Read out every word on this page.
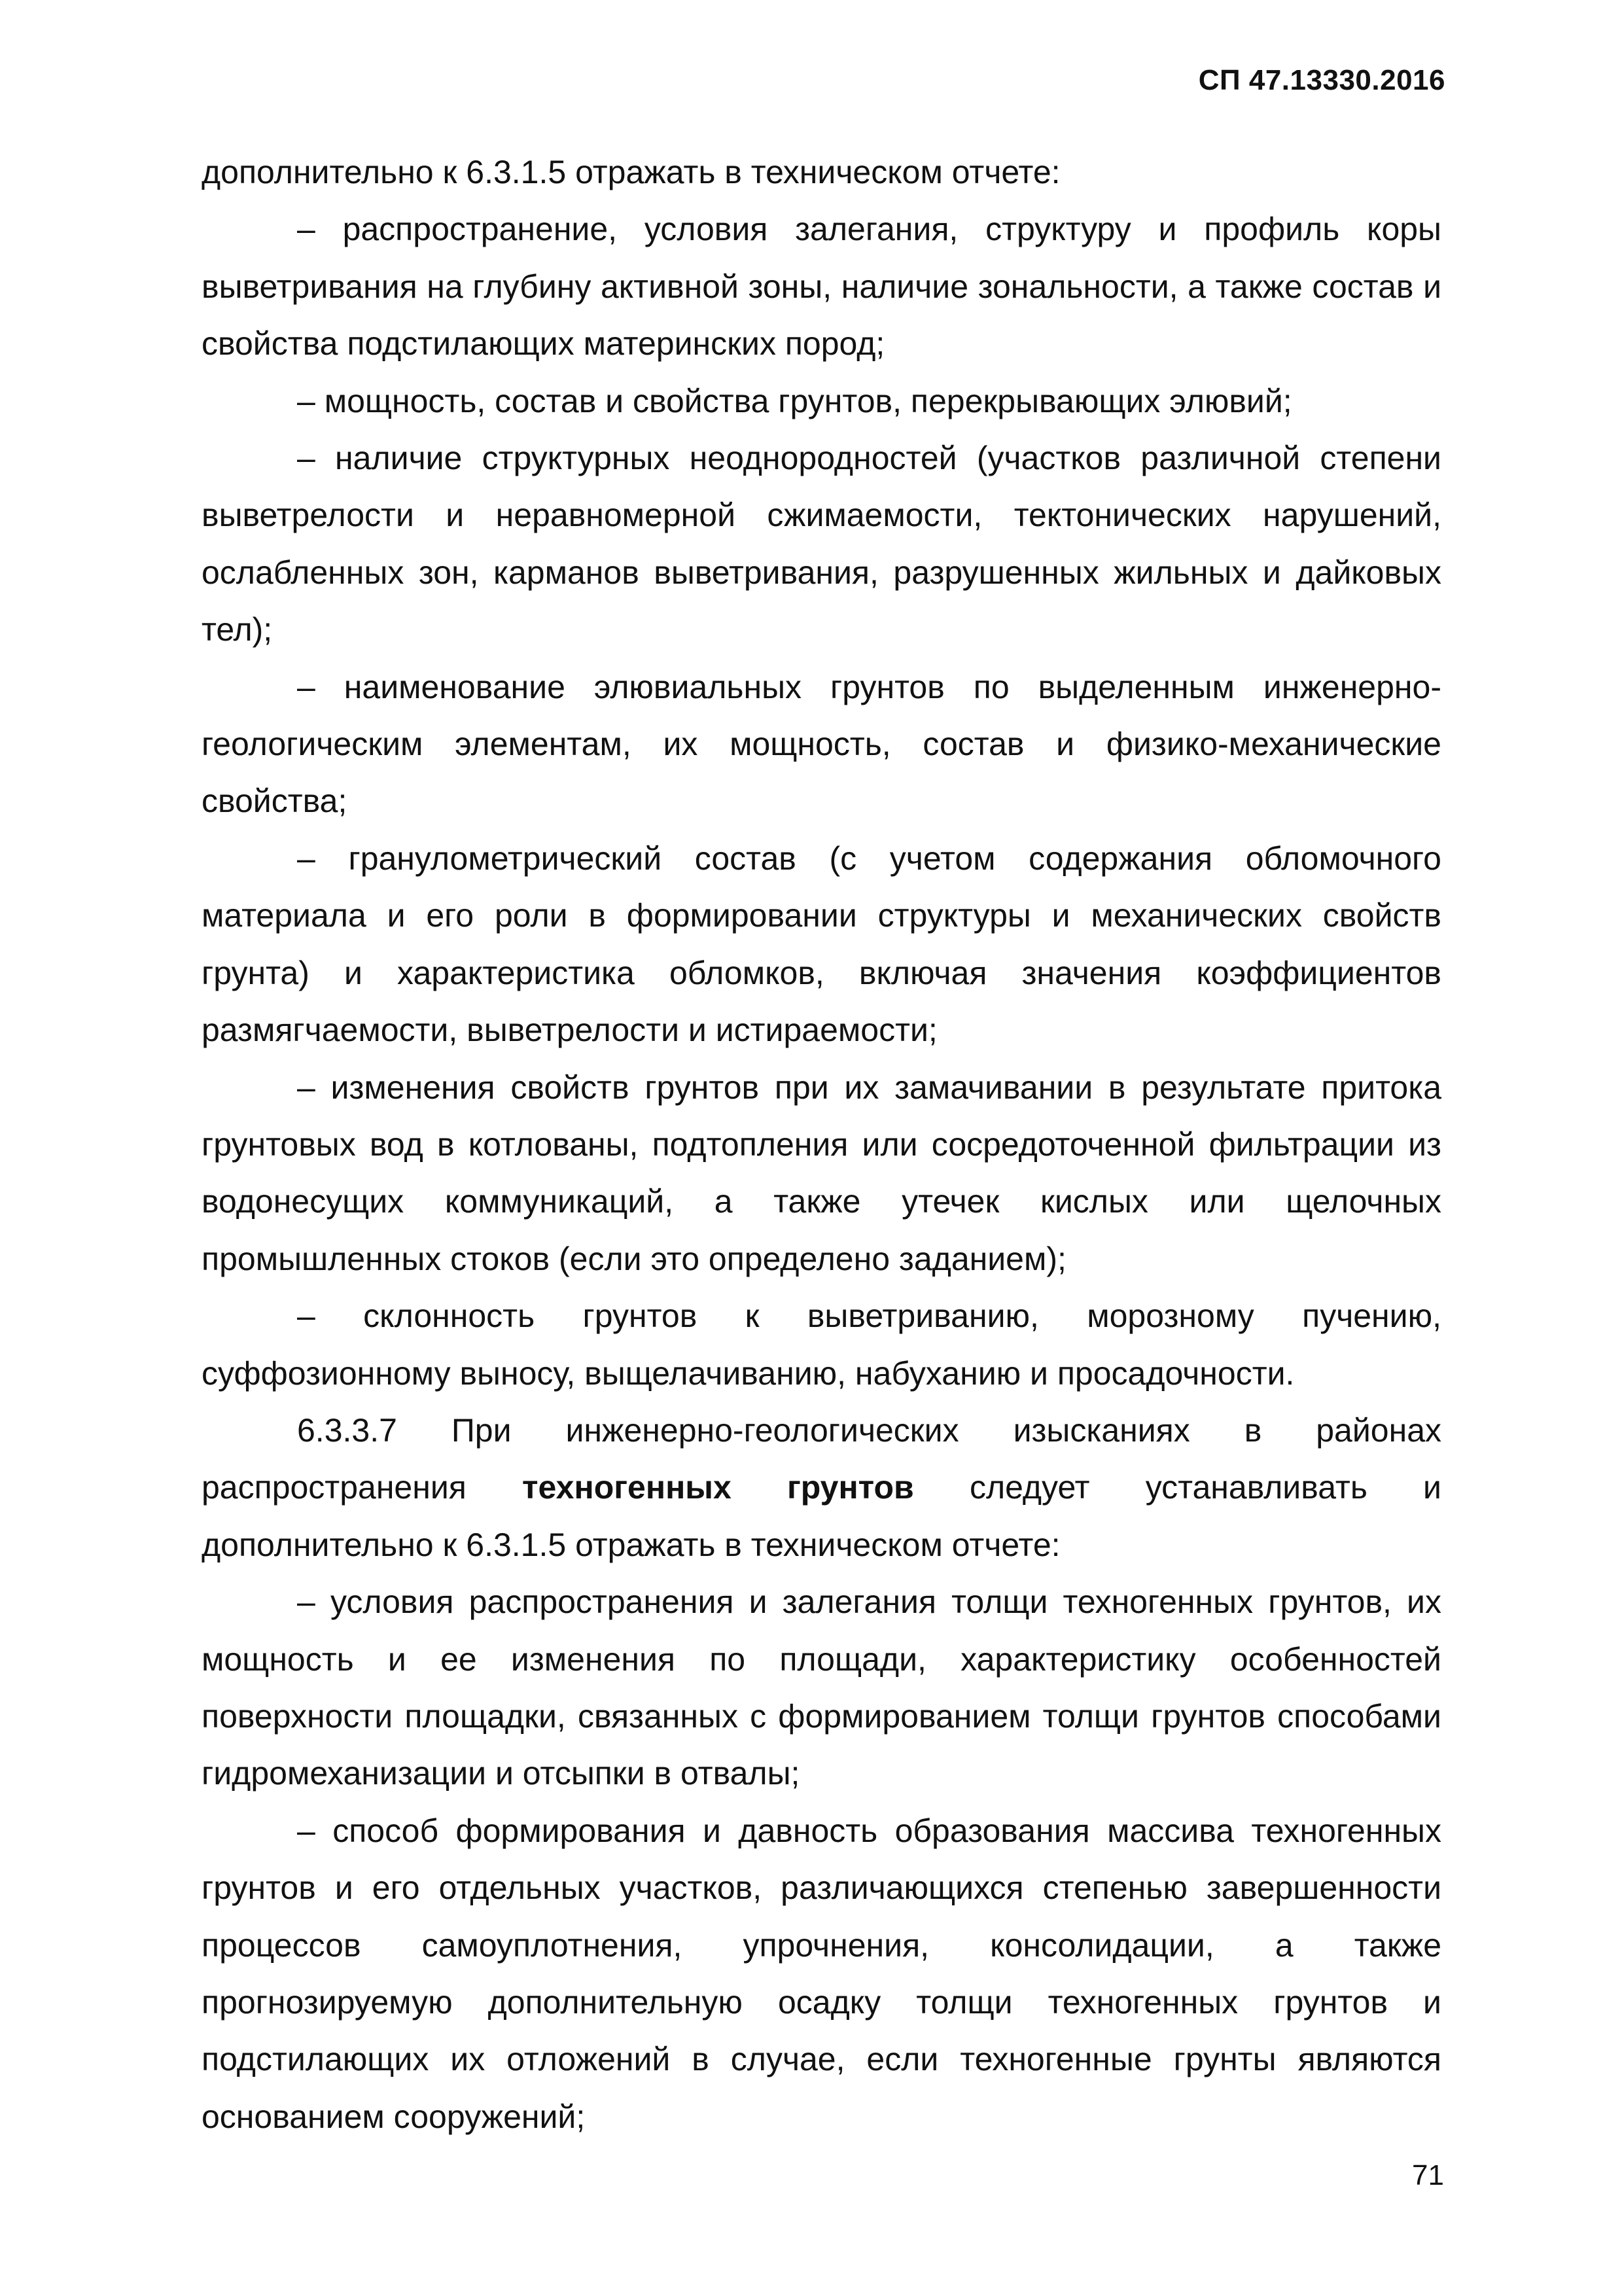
СП 47.13330.2016

дополнительно к 6.3.1.5 отражать в техническом отчете:

– распространение, условия залегания, структуру и профиль коры выветривания на глубину активной зоны, наличие зональности, а также состав и свойства подстилающих материнских пород;

– мощность, состав и свойства грунтов, перекрывающих элювий;

– наличие структурных неоднородностей (участков различной степени выветрелости и неравномерной сжимаемости, тектонических нарушений, ослабленных зон, карманов выветривания, разрушенных жильных и дайковых тел);

– наименование элювиальных грунтов по выделенным инженерно-геологическим элементам, их мощность, состав и физико-механические свойства;

– гранулометрический состав (с учетом содержания обломочного материала и его роли в формировании структуры и механических свойств грунта) и характеристика обломков, включая значения коэффициентов размягчаемости, выветрелости и истираемости;

– изменения свойств грунтов при их замачивании в результате притока грунтовых вод в котлованы, подтопления или сосредоточенной фильтрации из водонесущих коммуникаций, а также утечек кислых или щелочных промышленных стоков (если это определено заданием);

– склонность грунтов к выветриванию, морозному пучению, суффозионному выносу, выщелачиванию, набуханию и просадочности.

6.3.3.7 При инженерно-геологических изысканиях в районах распространения техногенных грунтов следует устанавливать и дополнительно к 6.3.1.5 отражать в техническом отчете:

– условия распространения и залегания толщи техногенных грунтов, их мощность и ее изменения по площади, характеристику особенностей поверхности площадки, связанных с формированием толщи грунтов способами гидромеханизации и отсыпки в отвалы;

– способ формирования и давность образования массива техногенных грунтов и его отдельных участков, различающихся степенью завершенности процессов самоуплотнения, упрочнения, консолидации, а также прогнозируемую дополнительную осадку толщи техногенных грунтов и подстилающих их отложений в случае, если техногенные грунты являются основанием сооружений;

71
